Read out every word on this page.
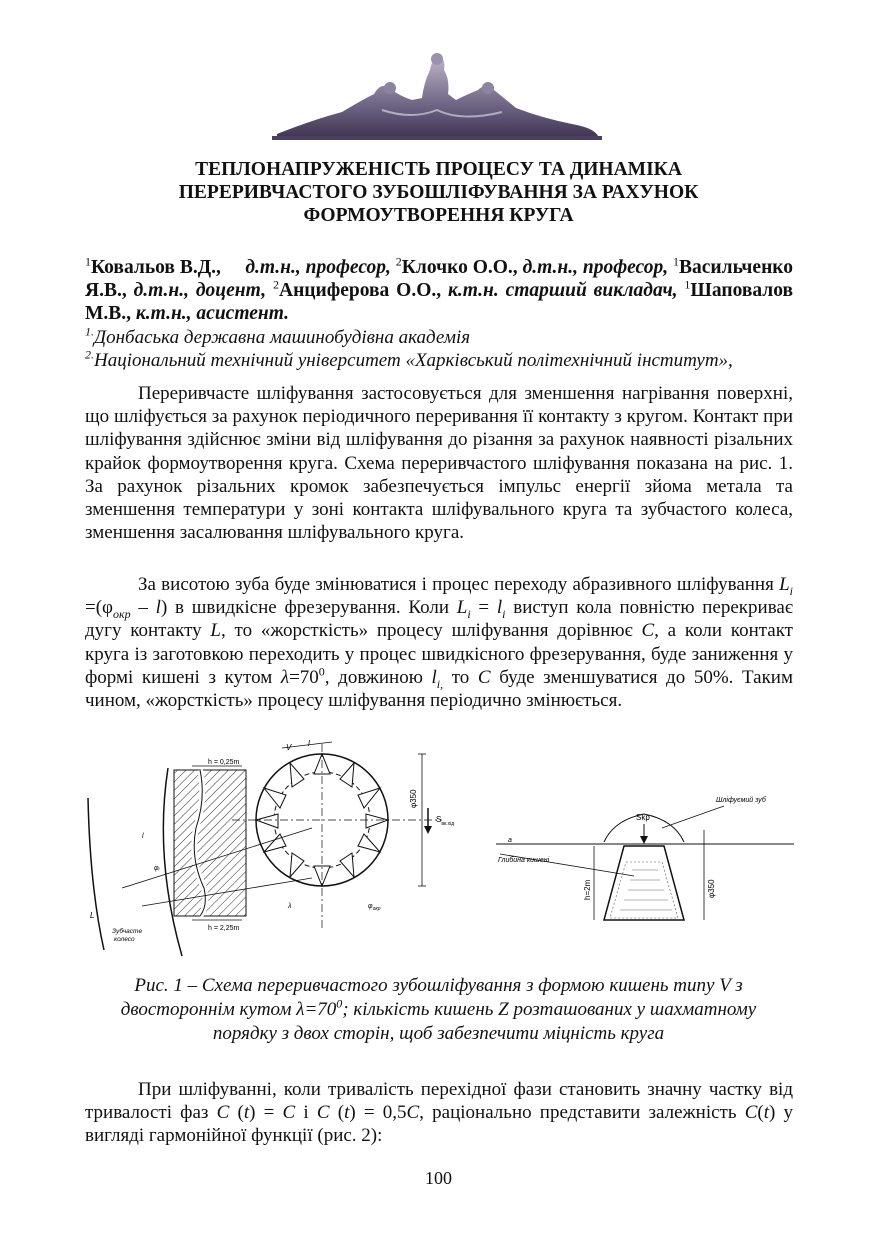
ТЕПЛОНАПРУЖЕНІСТЬ ПРОЦЕСУ ТА ДИНАМІКА
ПЕРЕРИВЧАСТОГО ЗУБОШЛІФУВАННЯ ЗА РАХУНОК
ФОРМОУТВОРЕННЯ КРУГА
$^1$Ковальов В.Д., д.т.н., професор, $^2$Клочко О.О., д.т.н., професор, $^1$Васильченко Я.В., д.т.н., доцент, $^2$Анциферова О.О., к.т.н. старший викладач, $^1$Шаповалов М.В., к.т.н., асистент.
$^{1.}$Донбаська державна машинобудівна академія
$^{2.}$Національний технічний університет «Харківський політехнічний інститут»,
Переривчасте шліфування застосовується для зменшення нагрівання поверхні, що шліфується за рахунок періодичного переривання її контакту з кругом. Контакт при шліфування здійснює зміни від шліфування до різання за рахунок наявності різальних крайок формоутворення круга. Схема переривчастого шліфування показана на рис. 1. За рахунок різальних кромок забезпечується імпульс енергії зйома метала та зменшення температури у зоні контакта шліфувального круга та зубчастого колеса, зменшення засалювання шліфувального круга.
За висотою зуба буде змінюватися і процес переходу абразивного шліфування $L_i =(\varphi_{окр} - l)$ в швидкісне фрезерування. Коли $L_i = l_i$ виступ кола повністю перекриває дугу контакту L, то «жорсткість» процесу шліфування дорівнює C, а коли контакт круга із заготовкою переходить у процес швидкісного фрезерування, буде заниження у формі кишені з кутом $\lambda=70^0$, довжиною $l_{i,}$ то C буде зменшуватися до 50%. Таким чином, «жорсткість» процесу шліфування періодично змінюється.
h = 0,25m
h = 2,25m
φ350
$S_{вк.хід}$
V l
L
l
φᵢ
λ	$\varphi_{окр}$
Зубчасте
колесо
Шліфуємий зуб
Skp
a
Глибина кишені
h=2m	φ350
Рис. 1 – Схема переривчастого зубошліфування з формою кишень типу V з двостороннім кутом $\lambda=70^0$; кількість кишень Z розташованих у шахматному порядку з двох сторін, щоб забезпечити міцність круга
При шліфуванні, коли тривалість перехідної фази становить значну частку від тривалості фаз C (t) = C і C (t) = 0,5C, раціонально представити залежність C(t) у вигляді гармонійної функції (рис. 2):
100
